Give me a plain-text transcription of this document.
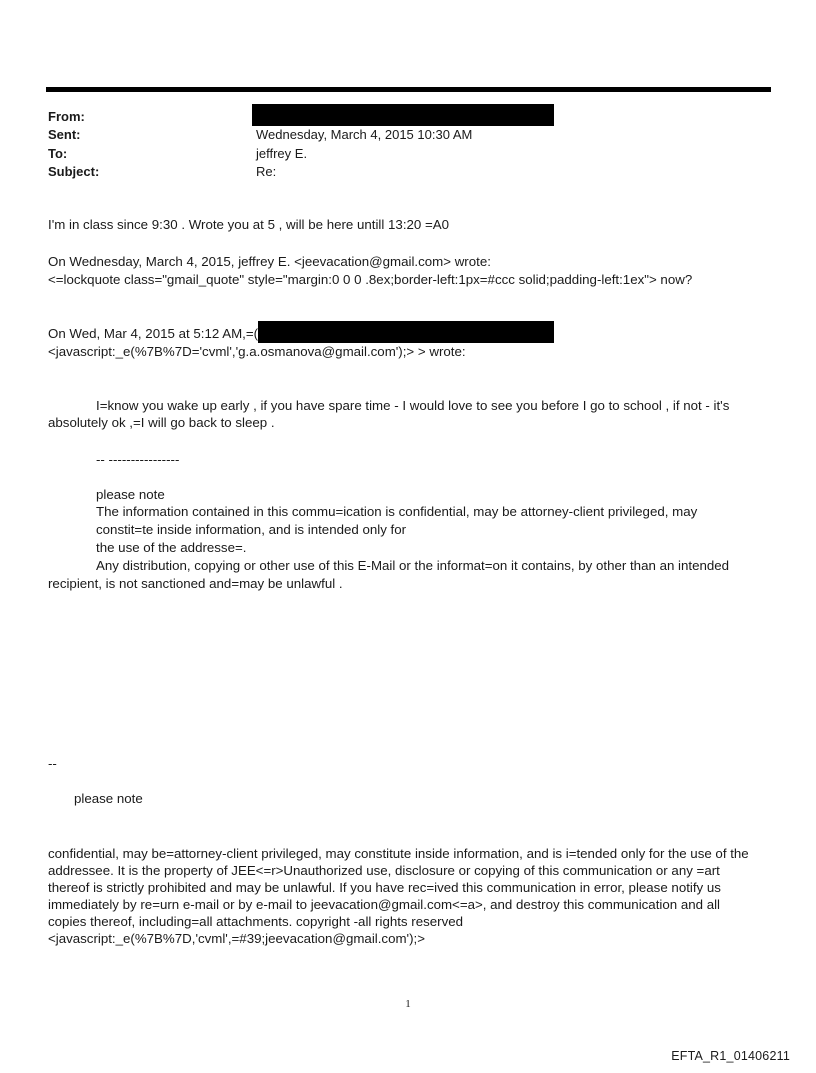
From:
Sent:	Wednesday, March 4, 2015 10:30 AM
To:	jeffrey E.
Subject:	Re:
I'm in class since 9:30 . Wrote you at 5 , will be here untill 13:20 =A0
On Wednesday, March 4, 2015, jeffrey E. <jeevacation@gmail.com> wrote:
<=lockquote class="gmail_quote" style="margin:0 0 0 .8ex;border-left:1px=#ccc solid;padding-left:1ex"> now?
On Wed, Mar 4, 2015 at 5:12 AM,=(
<javascript:_e(%7B%7D='cvml','g.a.osmanova@gmail.com');> > wrote:
I=know you wake up early , if you have spare time - I would love to see you before I go to school , if not - it's absolutely ok ,=I will go back to sleep .
-- ----------------
please note
The information contained in this commu=ication is confidential, may be attorney-client privileged, may
constit=te inside information, and is intended only for
the use of the addresse=.
Any distribution, copying or other use of this E-Mail or the informat=on it contains, by other than an intended
recipient, is not sanctioned and=may be unlawful .
--
please note
confidential, may be=attorney-client privileged, may constitute inside information, and is i=tended only for the use of the addressee. It is the property of JEE<=r>Unauthorized use, disclosure or copying of this communication or any =art thereof is strictly prohibited and may be unlawful. If you have rec=ived this communication in error, please notify us immediately by re=urn e-mail or by e-mail to jeevacation@gmail.com<=a>, and destroy this communication and all copies thereof, including=all attachments. copyright -all rights reserved
<javascript:_e(%7B%7D,'cvml',=#39;jeevacation@gmail.com');>
1
EFTA_R1_01406211
